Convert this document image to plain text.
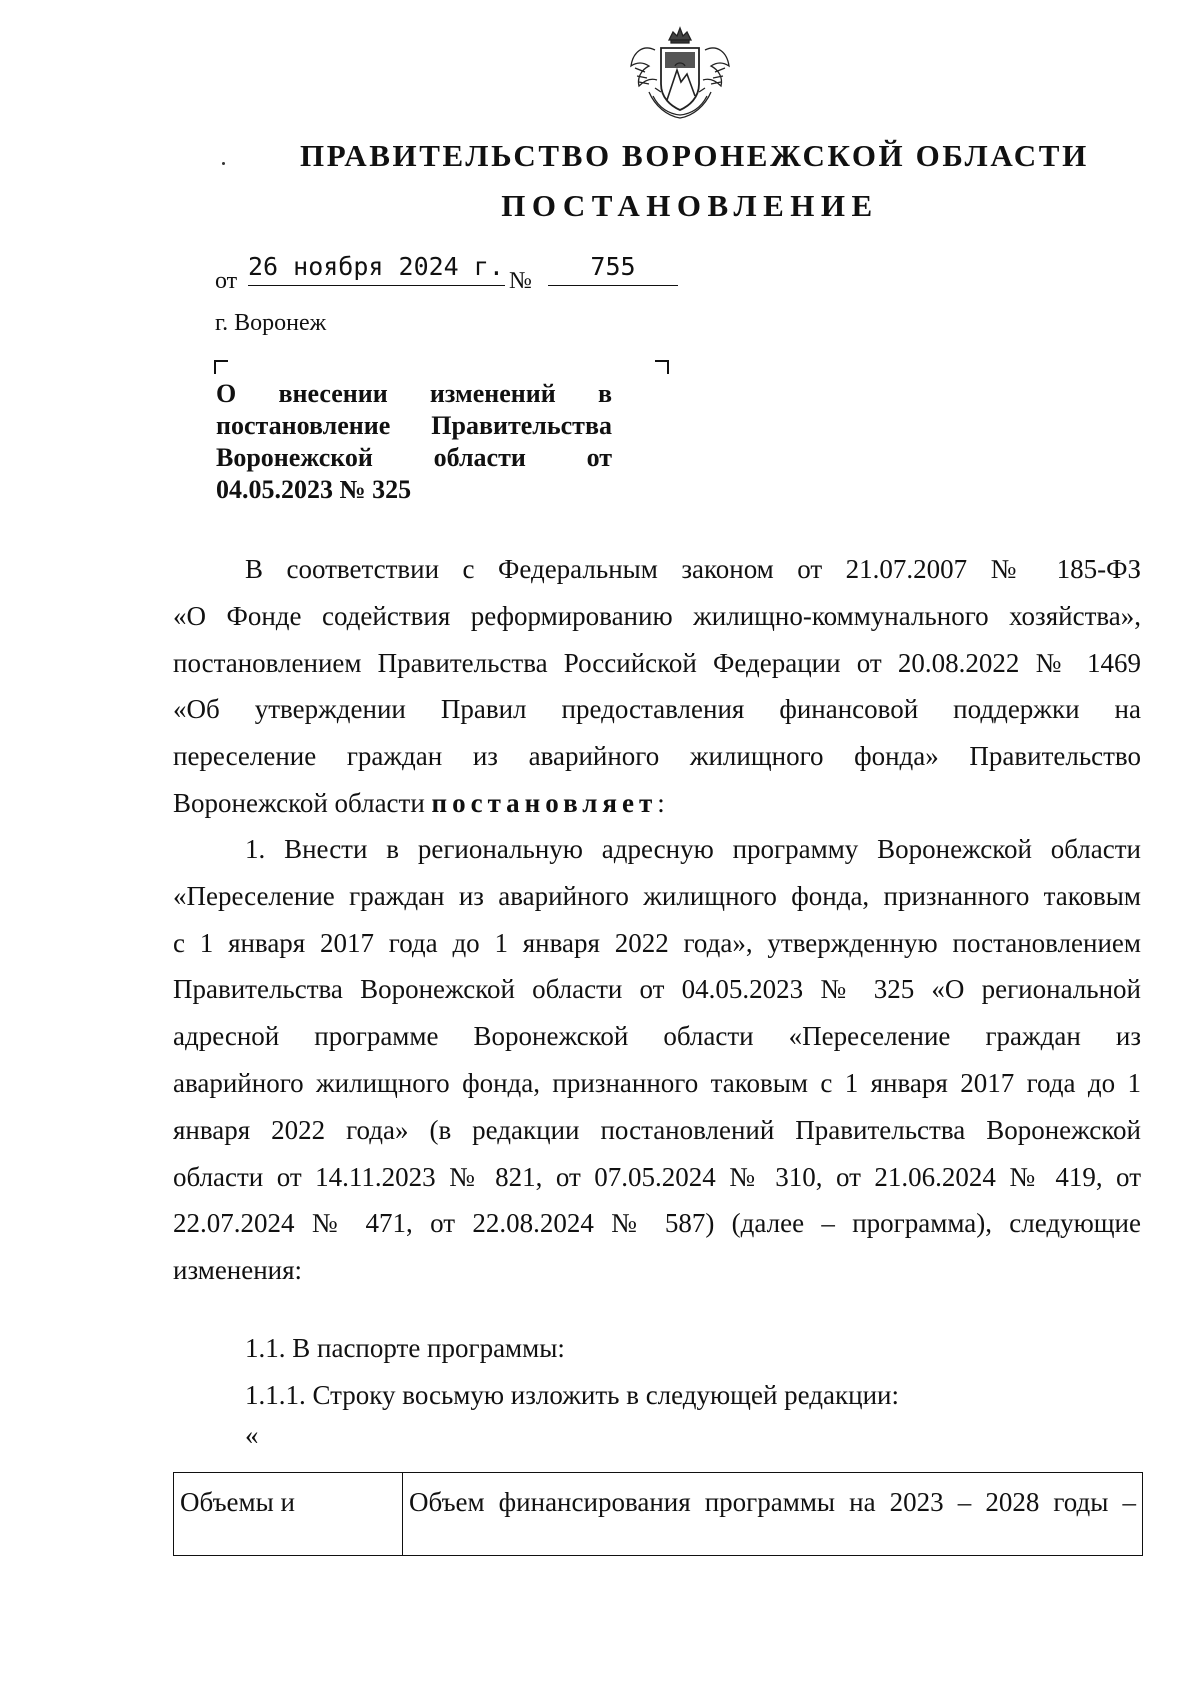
ПРАВИТЕЛЬСТВО ВОРОНЕЖСКОЙ ОБЛАСТИ
ПОСТАНОВЛЕНИЕ
от 26 ноября 2024 г. №	755
г. Воронеж
О внесении изменений в
постановление Правительства
Воронежской области от
04.05.2023 № 325
В соответствии с Федеральным законом от 21.07.2007 № 185-ФЗ
«О Фонде содействия реформированию жилищно-коммунального хозяйства»,
постановлением Правительства Российской Федерации от 20.08.2022 № 1469
«Об утверждении Правил предоставления финансовой поддержки на
переселение граждан из аварийного жилищного фонда» Правительство
Воронежской области постановляет:
1. Внести в региональную адресную программу Воронежской области
«Переселение граждан из аварийного жилищного фонда, признанного таковым
с 1 января 2017 года до 1 января 2022 года», утвержденную постановлением
Правительства Воронежской области от 04.05.2023 № 325 «О региональной
адресной программе Воронежской области «Переселение граждан из
аварийного жилищного фонда, признанного таковым с 1 января 2017 года до 1
января 2022 года» (в редакции постановлений Правительства Воронежской
области от 14.11.2023 № 821, от 07.05.2024 № 310, от 21.06.2024 № 419, от
22.07.2024 № 471, от 22.08.2024 № 587) (далее – программа), следующие
изменения:
1.1. В паспорте программы:
1.1.1. Строку восьмую изложить в следующей редакции:
«
Объемы и	Объем финансирования программы на 2023 – 2028 годы –
